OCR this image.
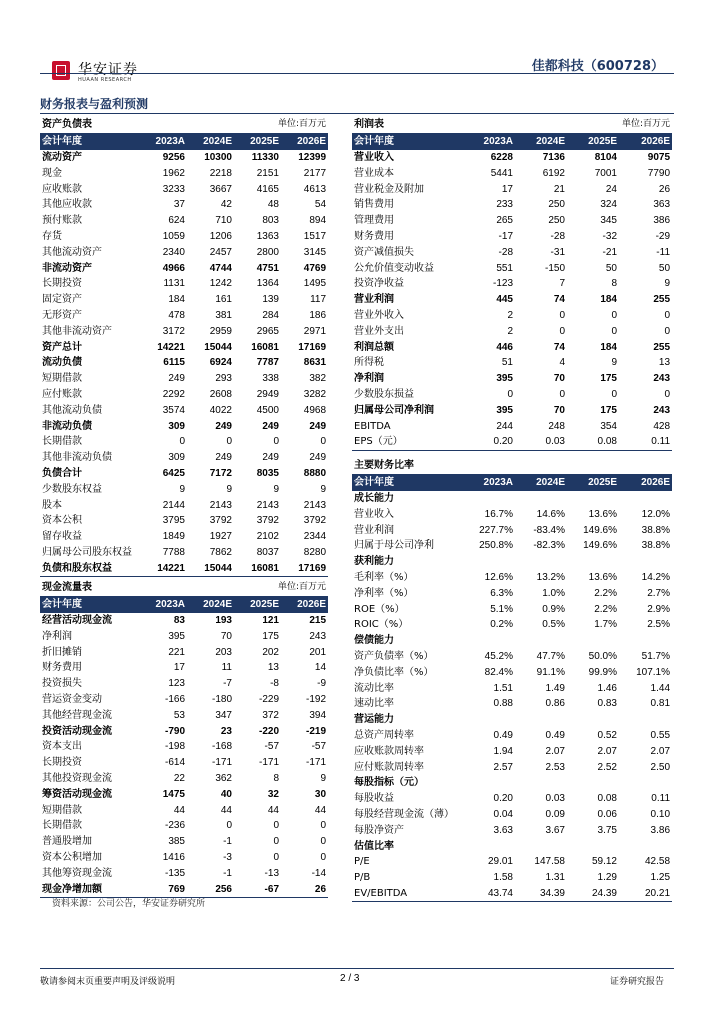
华安证券
HUAAN RESEARCH
佳都科技（600728）
财务报表与盈利预测
资产负债表		单位:百万元		
会计年度	2023A	2024E	2025E	2026E
流动资产	9256	10300	11330	12399
现金	1962	2218	2151	2177
应收账款	3233	3667	4165	4613
其他应收款	37	42	48	54
预付账款	624	710	803	894
存货	1059	1206	1363	1517
其他流动资产	2340	2457	2800	3145
非流动资产	4966	4744	4751	4769
长期投资	1131	1242	1364	1495
固定资产	184	161	139	117
无形资产	478	381	284	186
其他非流动资产	3172	2959	2965	2971
资产总计	14221	15044	16081	17169
流动负债	6115	6924	7787	8631
短期借款	249	293	338	382
应付账款	2292	2608	2949	3282
其他流动负债	3574	4022	4500	4968
非流动负债	309	249	249	249
长期借款	0	0	0	0
其他非流动负债	309	249	249	249
负债合计	6425	7172	8035	8880
少数股东权益	9	9	9	9
股本	2144	2143	2143	2143
资本公积	3795	3792	3792	3792
留存收益	1849	1927	2102	2344
归属母公司股东权益	7788	7862	8037	8280
负债和股东权益	14221	15044	16081	17169
利润表		单位:百万元		
会计年度	2023A	2024E	2025E	2026E
营业收入	6228	7136	8104	9075
营业成本	5441	6192	7001	7790
营业税金及附加	17	21	24	26
销售费用	233	250	324	363
管理费用	265	250	345	386
财务费用	-17	-28	-32	-29
资产减值损失	-28	-31	-21	-11
公允价值变动收益	551	-150	50	50
投资净收益	-123	7	8	9
营业利润	445	74	184	255
营业外收入	2	0	0	0
营业外支出	2	0	0	0
利润总额	446	74	184	255
所得税	51	4	9	13
净利润	395	70	175	243
少数股东损益	0	0	0	0
归属母公司净利润	395	70	175	243
EBITDA	244	248	354	428
EPS（元）	0.20	0.03	0.08	0.11
主要财务比率				
会计年度	2023A	2024E	2025E	2026E
成长能力				
营业收入	16.7%	14.6%	13.6%	12.0%
营业利润	227.7%	-83.4%	149.6%	38.8%
归属于母公司净利	250.8%	-82.3%	149.6%	38.8%
获利能力				
毛利率（%）	12.6%	13.2%	13.6%	14.2%
净利率（%）	6.3%	1.0%	2.2%	2.7%
ROE（%）	5.1%	0.9%	2.2%	2.9%
ROIC（%）	0.2%	0.5%	1.7%	2.5%
偿债能力				
资产负债率（%）	45.2%	47.7%	50.0%	51.7%
净负债比率（%）	82.4%	91.1%	99.9%	107.1%
流动比率	1.51	1.49	1.46	1.44
速动比率	0.88	0.86	0.83	0.81
营运能力				
总资产周转率	0.49	0.49	0.52	0.55
应收账款周转率	1.94	2.07	2.07	2.07
应付账款周转率	2.57	2.53	2.52	2.50
每股指标（元）				
每股收益	0.20	0.03	0.08	0.11
每股经营现金流（薄）	0.04	0.09	0.06	0.10
每股净资产	3.63	3.67	3.75	3.86
估值比率				
P/E	29.01	147.58	59.12	42.58
P/B	1.58	1.31	1.29	1.25
EV/EBITDA	43.74	34.39	24.39	20.21
现金流量表		单位:百万元		
会计年度	2023A	2024E	2025E	2026E
经营活动现金流	83	193	121	215
净利润	395	70	175	243
折旧摊销	221	203	202	201
财务费用	17	11	13	14
投资损失	123	-7	-8	-9
营运资金变动	-166	-180	-229	-192
其他经营现金流	53	347	372	394
投资活动现金流	-790	23	-220	-219
资本支出	-198	-168	-57	-57
长期投资	-614	-171	-171	-171
其他投资现金流	22	362	8	9
筹资活动现金流	1475	40	32	30
短期借款	44	44	44	44
长期借款	-236	0	0	0
普通股增加	385	-1	0	0
资本公积增加	1416	-3	0	0
其他筹资现金流	-135	-1	-13	-14
现金净增加额	769	256	-67	26
资料来源：公司公告，华安证券研究所
敬请参阅末页重要声明及评级说明	2 / 3	证券研究报告
